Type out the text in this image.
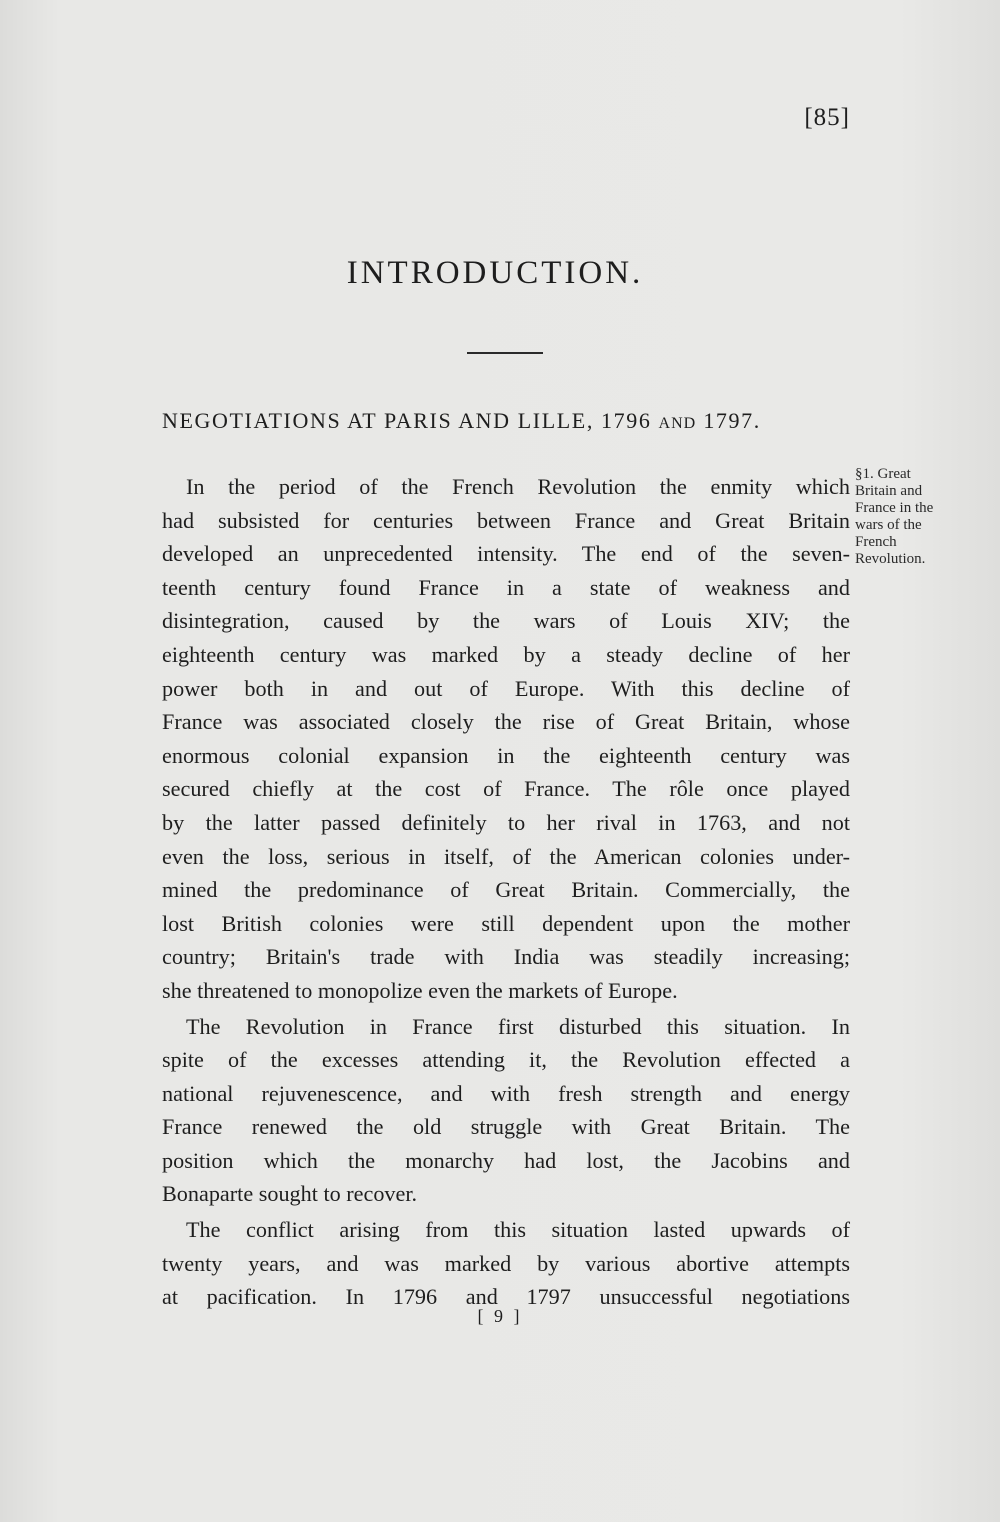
[85]
INTRODUCTION.
NEGOTIATIONS AT PARIS AND LILLE, 1796 AND 1797.
§1. Great
Britain and
France in the
wars of the
French
Revolution.
In the period of the French Revolution the enmity which
had subsisted for centuries between France and Great Britain
developed an unprecedented intensity. The end of the seven-
teenth century found France in a state of weakness and
disintegration, caused by the wars of Louis XIV; the
eighteenth century was marked by a steady decline of her
power both in and out of Europe. With this decline of
France was associated closely the rise of Great Britain, whose
enormous colonial expansion in the eighteenth century was
secured chiefly at the cost of France. The rôle once played
by the latter passed definitely to her rival in 1763, and not
even the loss, serious in itself, of the American colonies under-
mined the predominance of Great Britain. Commercially, the
lost British colonies were still dependent upon the mother
country; Britain's trade with India was steadily increasing;
she threatened to monopolize even the markets of Europe.
The Revolution in France first disturbed this situation. In
spite of the excesses attending it, the Revolution effected a
national rejuvenescence, and with fresh strength and energy
France renewed the old struggle with Great Britain. The
position which the monarchy had lost, the Jacobins and
Bonaparte sought to recover.
The conflict arising from this situation lasted upwards of
twenty years, and was marked by various abortive attempts
at pacification. In 1796 and 1797 unsuccessful negotiations
[ 9 ]
